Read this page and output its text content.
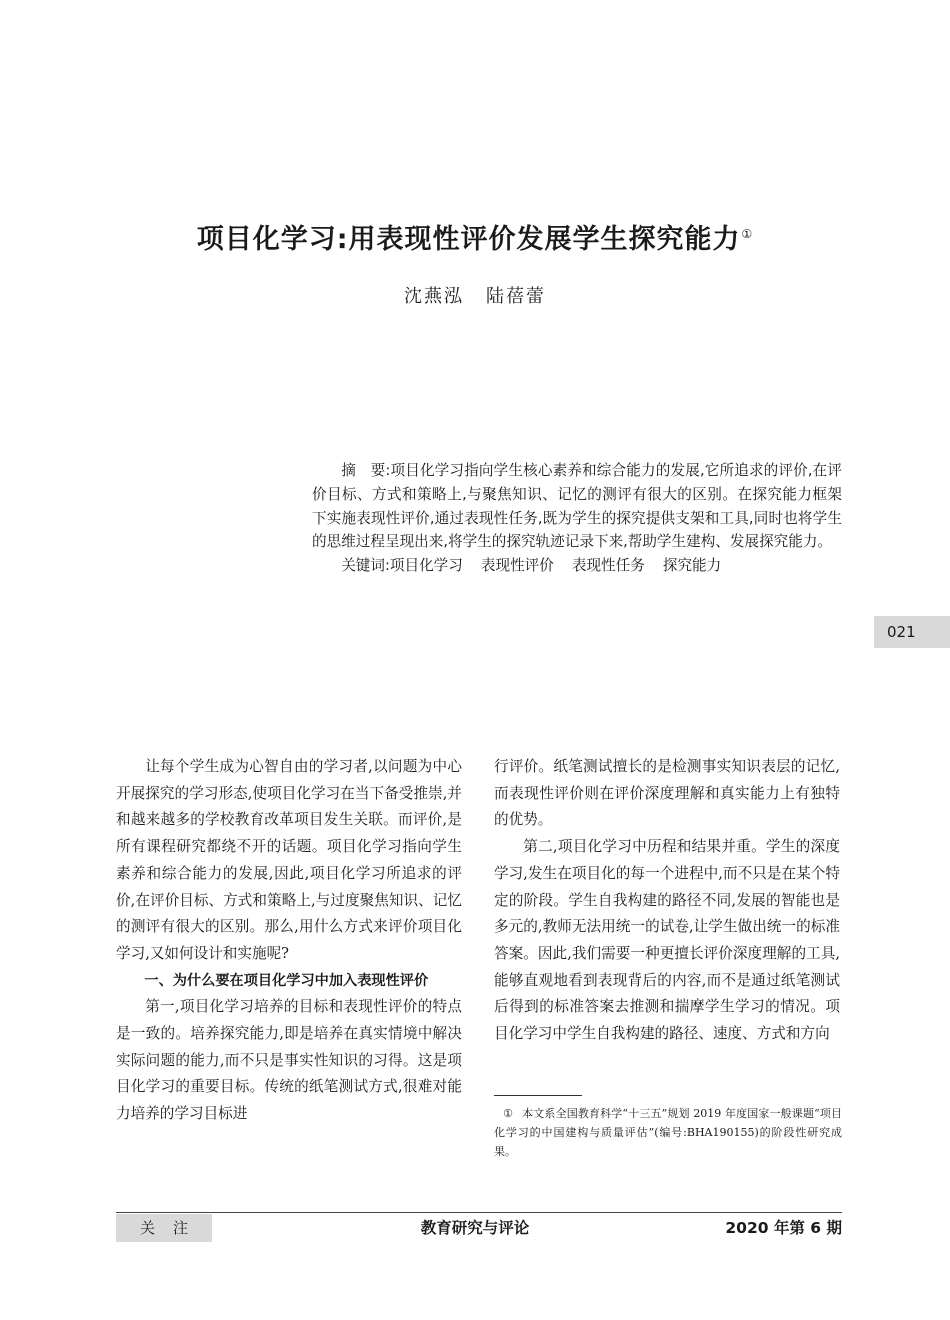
项目化学习:用表现性评价发展学生探究能力①
沈燕泓 陆蓓蕾

摘　要:项目化学习指向学生核心素养和综合能力的发展,它所追求的评价,在评价目标、方式和策略上,与聚焦知识、记忆的测评有很大的区别。在探究能力框架下实施表现性评价,通过表现性任务,既为学生的探究提供支架和工具,同时也将学生的思维过程呈现出来,将学生的探究轨迹记录下来,帮助学生建构、发展探究能力。

关键词:项目化学习 表现性评价 表现性任务 探究能力

021

让每个学生成为心智自由的学习者,以问题为中心开展探究的学习形态,使项目化学习在当下备受推崇,并和越来越多的学校教育改革项目发生关联。而评价,是所有课程研究都绕不开的话题。项目化学习指向学生素养和综合能力的发展,因此,项目化学习所追求的评价,在评价目标、方式和策略上,与过度聚焦知识、记忆的测评有很大的区别。那么,用什么方式来评价项目化学习,又如何设计和实施呢?

一、为什么要在项目化学习中加入表现性评价

第一,项目化学习培养的目标和表现性评价的特点是一致的。培养探究能力,即是培养在真实情境中解决实际问题的能力,而不只是事实性知识的习得。这是项目化学习的重要目标。传统的纸笔测试方式,很难对能力培养的学习目标进

行评价。纸笔测试擅长的是检测事实知识表层的记忆,而表现性评价则在评价深度理解和真实能力上有独特的优势。

第二,项目化学习中历程和结果并重。学生的深度学习,发生在项目化的每一个进程中,而不只是在某个特定的阶段。学生自我构建的路径不同,发展的智能也是多元的,教师无法用统一的试卷,让学生做出统一的标准答案。因此,我们需要一种更擅长评价深度理解的工具,能够直观地看到表现背后的内容,而不是通过纸笔测试后得到的标准答案去推测和揣摩学生学习的情况。项目化学习中学生自我构建的路径、速度、方式和方向

① 本文系全国教育科学“十三五”规划 2019 年度国家一般课题“项目化学习的中国建构与质量评估”(编号:BHA190155)的阶段性研究成果。

关注	教育研究与评论	2020 年第 6 期
